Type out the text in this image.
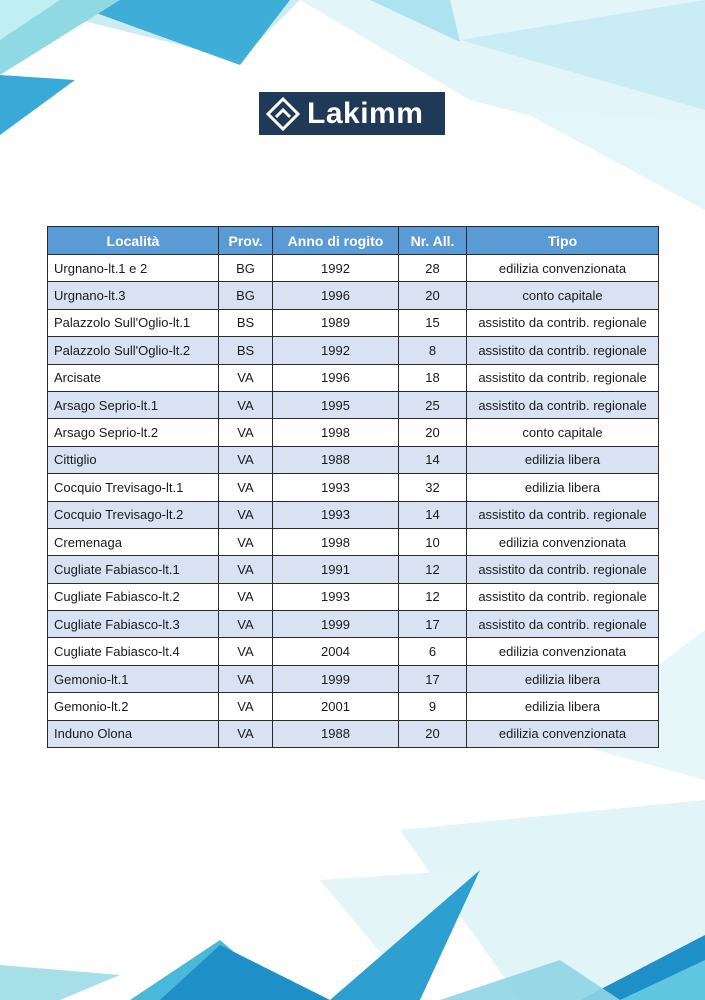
Lakimm
Località	Prov.	Anno di rogito	Nr. All.	Tipo
Urgnano-lt.1 e 2	BG	1992	28	edilizia convenzionata
Urgnano-lt.3	BG	1996	20	conto capitale
Palazzolo Sull'Oglio-lt.1	BS	1989	15	assistito da contrib. regionale
Palazzolo Sull'Oglio-lt.2	BS	1992	8	assistito da contrib. regionale
Arcisate	VA	1996	18	assistito da contrib. regionale
Arsago Seprio-lt.1	VA	1995	25	assistito da contrib. regionale
Arsago Seprio-lt.2	VA	1998	20	conto capitale
Cittiglio	VA	1988	14	edilizia libera
Cocquio Trevisago-lt.1	VA	1993	32	edilizia libera
Cocquio Trevisago-lt.2	VA	1993	14	assistito da contrib. regionale
Cremenaga	VA	1998	10	edilizia convenzionata
Cugliate Fabiasco-lt.1	VA	1991	12	assistito da contrib. regionale
Cugliate Fabiasco-lt.2	VA	1993	12	assistito da contrib. regionale
Cugliate Fabiasco-lt.3	VA	1999	17	assistito da contrib. regionale
Cugliate Fabiasco-lt.4	VA	2004	6	edilizia convenzionata
Gemonio-lt.1	VA	1999	17	edilizia libera
Gemonio-lt.2	VA	2001	9	edilizia libera
Induno Olona	VA	1988	20	edilizia convenzionata
